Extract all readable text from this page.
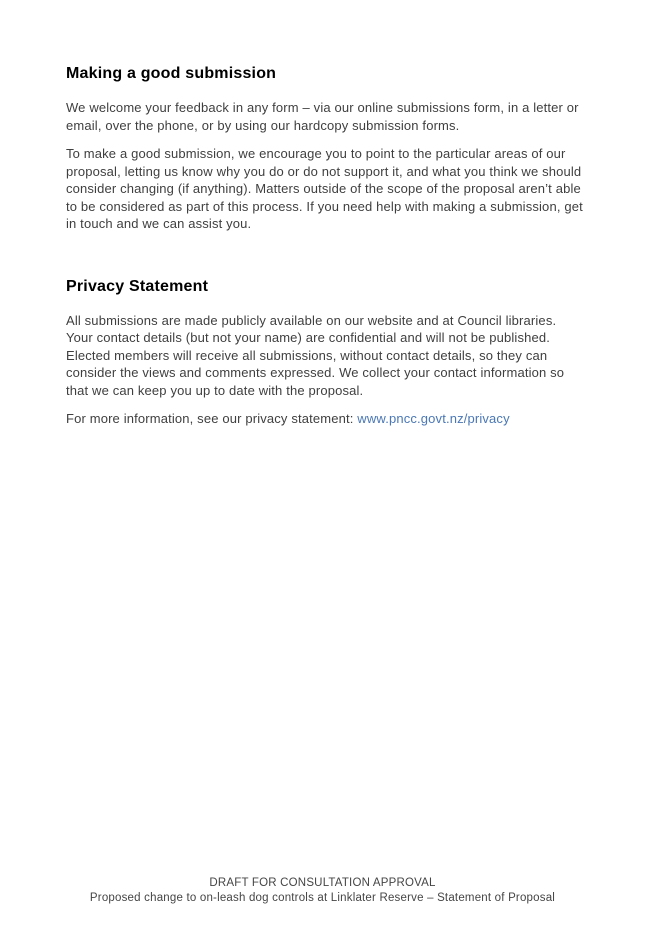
Making a good submission

We welcome your feedback in any form – via our online submissions form, in a letter or email, over the phone, or by using our hardcopy submission forms.

To make a good submission, we encourage you to point to the particular areas of our proposal, letting us know why you do or do not support it, and what you think we should consider changing (if anything). Matters outside of the scope of the proposal aren’t able to be considered as part of this process. If you need help with making a submission, get in touch and we can assist you.

Privacy Statement

All submissions are made publicly available on our website and at Council libraries. Your contact details (but not your name) are confidential and will not be published. Elected members will receive all submissions, without contact details, so they can consider the views and comments expressed. We collect your contact information so that we can keep you up to date with the proposal.

For more information, see our privacy statement: www.pncc.govt.nz/privacy

DRAFT FOR CONSULTATION APPROVAL
Proposed change to on-leash dog controls at Linklater Reserve – Statement of Proposal
